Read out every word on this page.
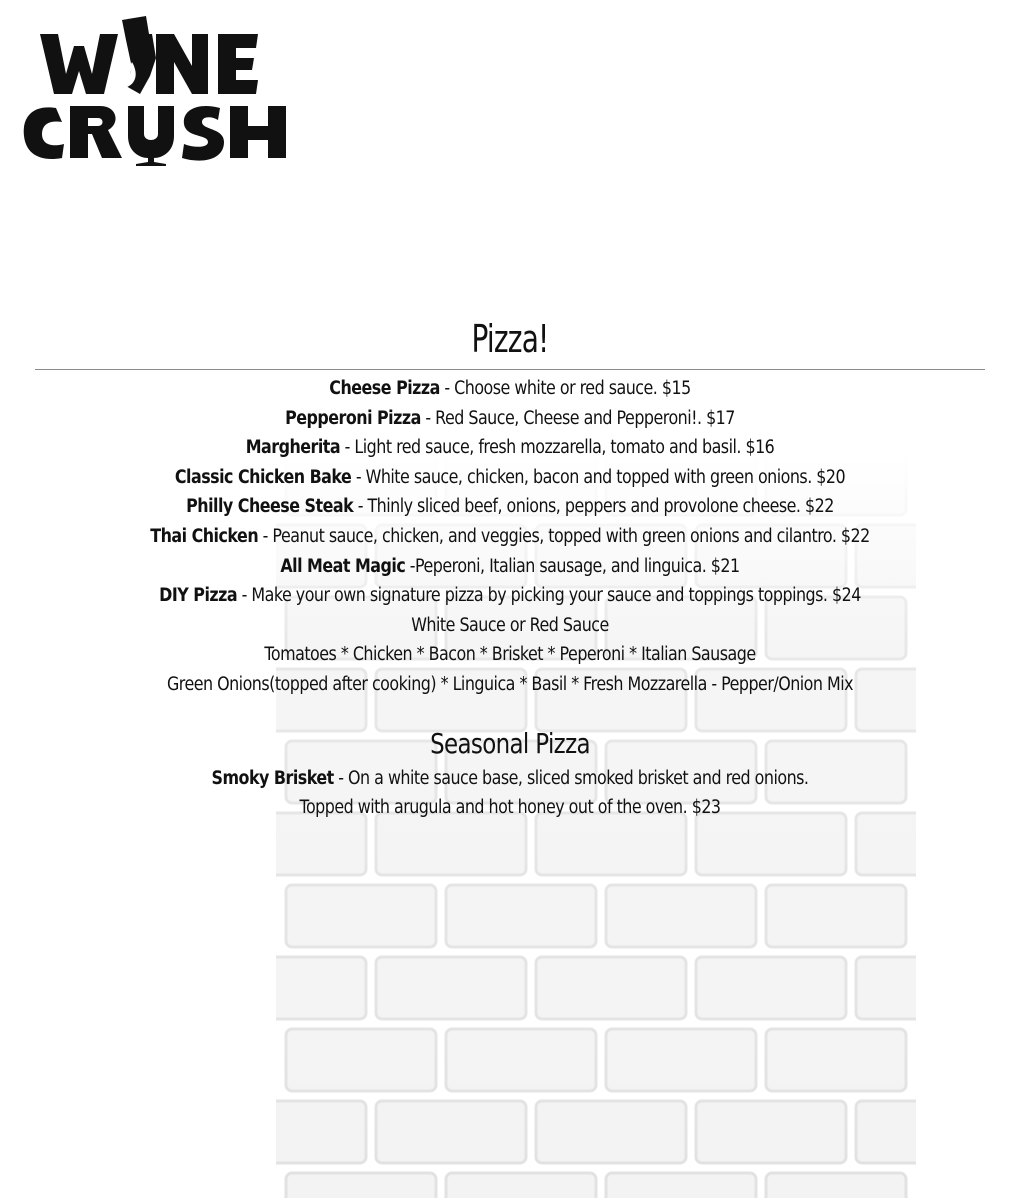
Pizza!
Cheese Pizza - Choose white or red sauce. $15
Pepperoni Pizza - Red Sauce, Cheese and Pepperoni!. $17
Margherita - Light red sauce, fresh mozzarella, tomato and basil. $16
Classic Chicken Bake - White sauce, chicken, bacon and topped with green onions. $20
Philly Cheese Steak - Thinly sliced beef, onions, peppers and provolone cheese. $22
Thai Chicken - Peanut sauce, chicken, and veggies, topped with green onions and cilantro. $22
All Meat Magic -Peperoni, Italian sausage, and linguica. $21
DIY Pizza - Make your own signature pizza by picking your sauce and toppings toppings. $24
White Sauce or Red Sauce
Tomatoes * Chicken * Bacon * Brisket * Peperoni * Italian Sausage
Green Onions(topped after cooking) * Linguica * Basil * Fresh Mozzarella - Pepper/Onion Mix
Seasonal Pizza
Smoky Brisket - On a white sauce base, sliced smoked brisket and red onions.
Topped with arugula and hot honey out of the oven. $23
